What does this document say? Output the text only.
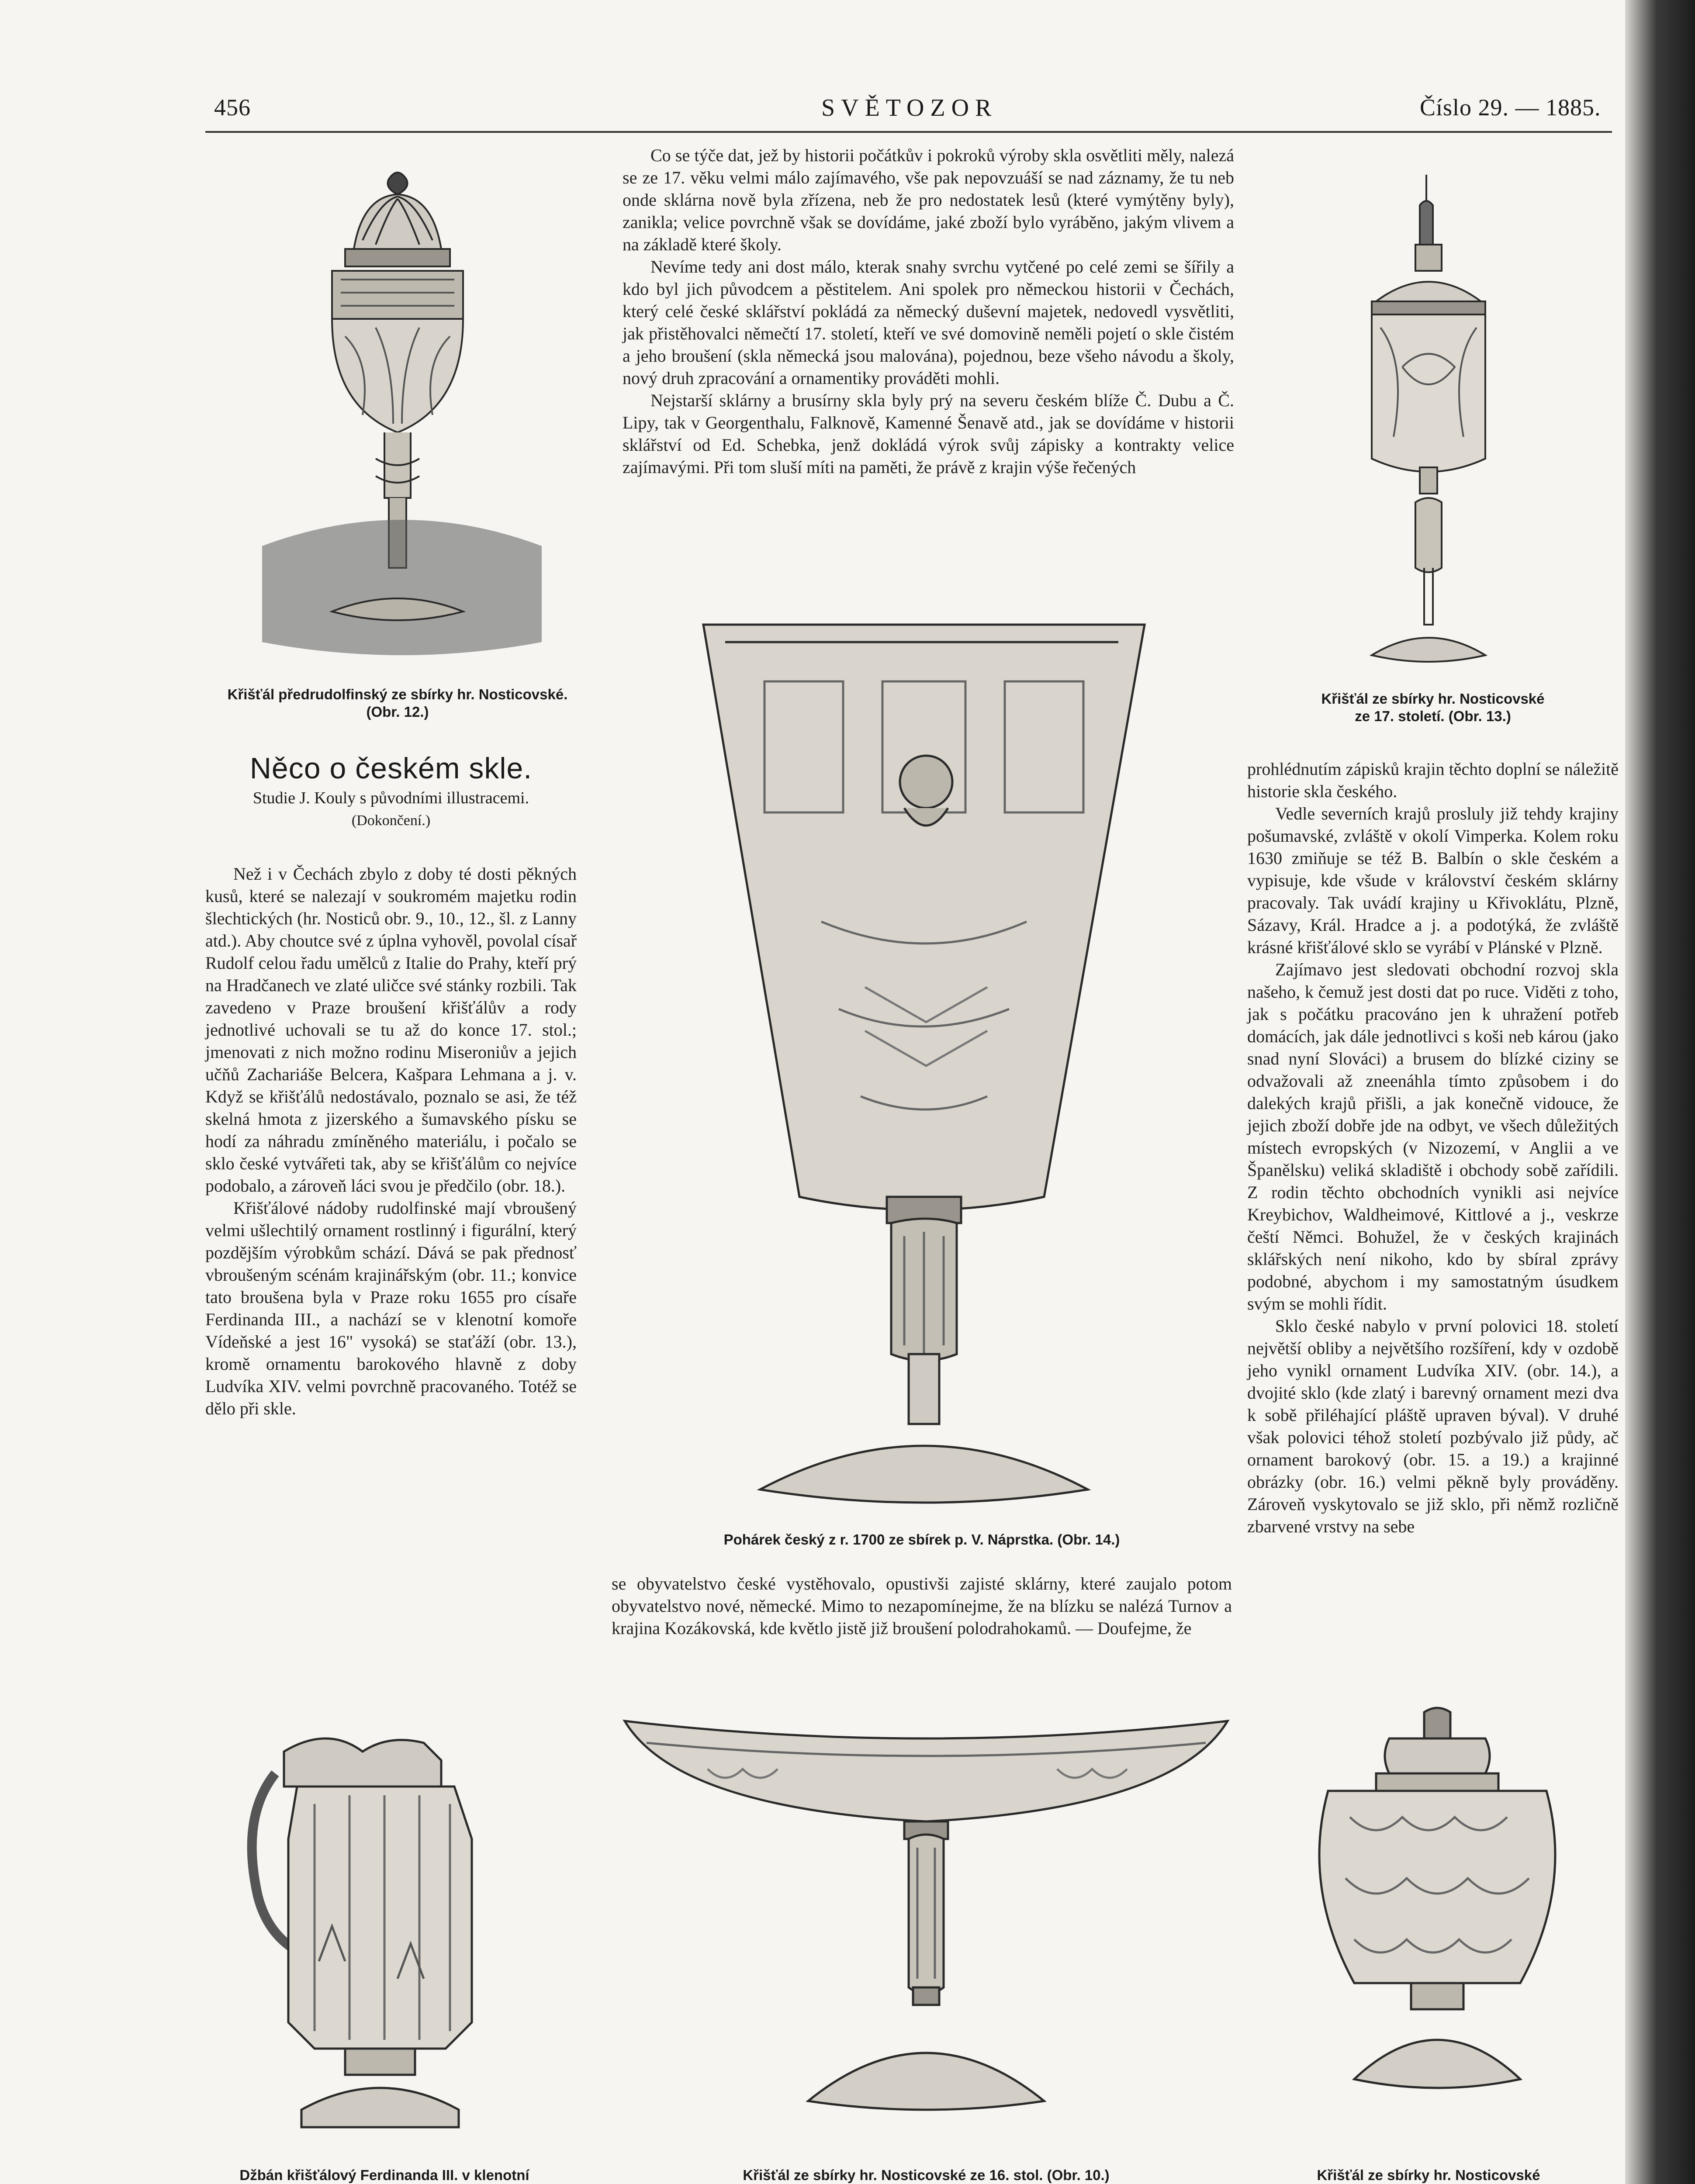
456	SVĚTOZOR	Číslo 29. — 1885.

Co se týče dat, jež by historii počátkův i pokroků výroby skla osvětliti měly, nalezá se ze 17. věku velmi málo zajímavého, vše pak nepovzuáší se nad záznamy, že tu neb onde sklárna nově byla zřízena, neb že pro nedostatek lesů (které vymýtěny byly), zanikla; velice povrchně však se dovídáme, jaké zboží bylo vyráběno, jakým vlivem a na základě které školy.

Nevíme tedy ani dost málo, kterak snahy svrchu vytčené po celé zemi se šířily a kdo byl jich původcem a pěstitelem. Ani spolek pro německou historii v Čechách, který celé české sklářství pokládá za německý duševní majetek, nedovedl vysvětliti, jak přistěhovalci němečtí 17. století, kteří ve své domovině neměli pojetí o skle čistém a jeho broušení (skla německá jsou malována), pojednou, beze všeho návodu a školy, nový druh zpracování a ornamentiky prováděti mohli.

Nejstarší sklárny a brusírny skla byly prý na severu českém blíže Č. Dubu a Č. Lipy, tak v Georgenthalu, Falknově, Kamenné Šenavě atd., jak se dovídáme v historii sklářství od Ed. Schebka, jenž dokládá výrok svůj zápisky a kontrakty velice zajímavými. Při tom sluší míti na paměti, že právě z krajin výše řečených

Křišťál předrudolfinský ze sbírky hr. Nosticovské. (Obr. 12.)
Křišťál ze sbírky hr. Nosticovské
ze 17. století. (Obr. 13.)
Něco o českém skle.
Studie J. Kouly s původními illustracemi.
(Dokončení.)

Než i v Čechách zbylo z doby té dosti pěkných kusů, které se nalezají v soukromém majetku rodin šlechtických (hr. Nosticů obr. 9., 10., 12., šl. z Lanny atd.). Aby choutce své z úplna vyhověl, povolal císař Rudolf celou řadu umělců z Italie do Prahy, kteří prý na Hradčanech ve zlaté uličce své stánky rozbili. Tak zavedeno v Praze broušení křišťálův a rody jednotlivé uchovali se tu až do konce 17. stol.; jmenovati z nich možno rodinu Miseroniův a jejich učňů Zachariáše Belcera, Kašpara Lehmana a j. v. Když se křišťálů nedostávalo, poznalo se asi, že též skelná hmota z jizerského a šumavského písku se hodí za náhradu zmíněného materiálu, i počalo se sklo české vytvářeti tak, aby se křišťálům co nejvíce podobalo, a zároveň láci svou je předčilo (obr. 18.).

Křišťálové nádoby rudolfinské mají vbroušený velmi ušlechtilý ornament rostlinný i figurální, který pozdějším výrobkům schází. Dává se pak přednosť vbroušeným scénám krajinářským (obr. 11.; konvice tato broušena byla v Praze roku 1655 pro císaře Ferdinanda III., a nachází se v klenotní komoře Vídeňské a jest 16" vysoká) se staťáží (obr. 13.), kromě ornamentu barokového hlavně z doby Ludvíka XIV. velmi povrchně pracovaného. Totéž se dělo při skle.

Pohárek český z r. 1700 ze sbírek p. V. Náprstka. (Obr. 14.)

se obyvatelstvo české vystěhovalo, opustivši zajisté sklárny, které zaujalo potom obyvatelstvo nové, německé. Mimo to nezapomínejme, že na blízku se nalézá Turnov a krajina Kozákovská, kde květlo jistě již broušení polodrahokamů. — Doufejme, že

prohlédnutím zápisků krajin těchto doplní se náležitě historie skla českého.

Vedle severních krajů prosluly již tehdy krajiny pošumavské, zvláště v okolí Vimperka. Kolem roku 1630 zmiňuje se též B. Balbín o skle českém a vypisuje, kde všude v království českém sklárny pracovaly. Tak uvádí krajiny u Křivoklátu, Plzně, Sázavy, Král. Hradce a j. a podotýká, že zvláště krásné křišťálové sklo se vyrábí v Plánské v Plzně.

Zajímavo jest sledovati obchodní rozvoj skla našeho, k čemuž jest dosti dat po ruce. Viděti z toho, jak s počátku pracováno jen k uhražení potřeb domácích, jak dále jednotlivci s koši neb károu (jako snad nyní Slováci) a brusem do blízké ciziny se odvažovali až zneenáhla tímto způsobem i do dalekých krajů přišli, a jak konečně vidouce, že jejich zboží dobře jde na odbyt, ve všech důležitých místech evropských (v Nizozemí, v Anglii a ve Španělsku) veliká skladiště i obchody sobě zařídili. Z rodin těchto obchodních vynikli asi nejvíce Kreybichov, Waldheimové, Kittlové a j., veskrze čeští Němci. Bohužel, že v českých krajinách sklářských není nikoho, kdo by sbíral zprávy podobné, abychom i my samostatným úsudkem svým se mohli řídit.

Sklo české nabylo v první polovici 18. století největší obliby a největšího rozšíření, kdy v ozdobě jeho vynikl ornament Ludvíka XIV. (obr. 14.), a dvojité sklo (kde zlatý i barevný ornament mezi dva k sobě přiléhající pláště upraven býval). V druhé však polovici téhož století pozbývalo již půdy, ač ornament barokový (obr. 15. a 19.) a krajinné obrázky (obr. 16.) velmi pěkně byly prováděny. Zároveň vyskytovalo se již sklo, při němž rozličně zbarvené vrstvy na sebe

Džbán křišťálový Ferdinanda III. v klenotní	Křišťál ze sbírky hr. Nosticovské ze 16. stol. (Obr. 10.)	Křišťál ze sbírky hr. Nosticovské
